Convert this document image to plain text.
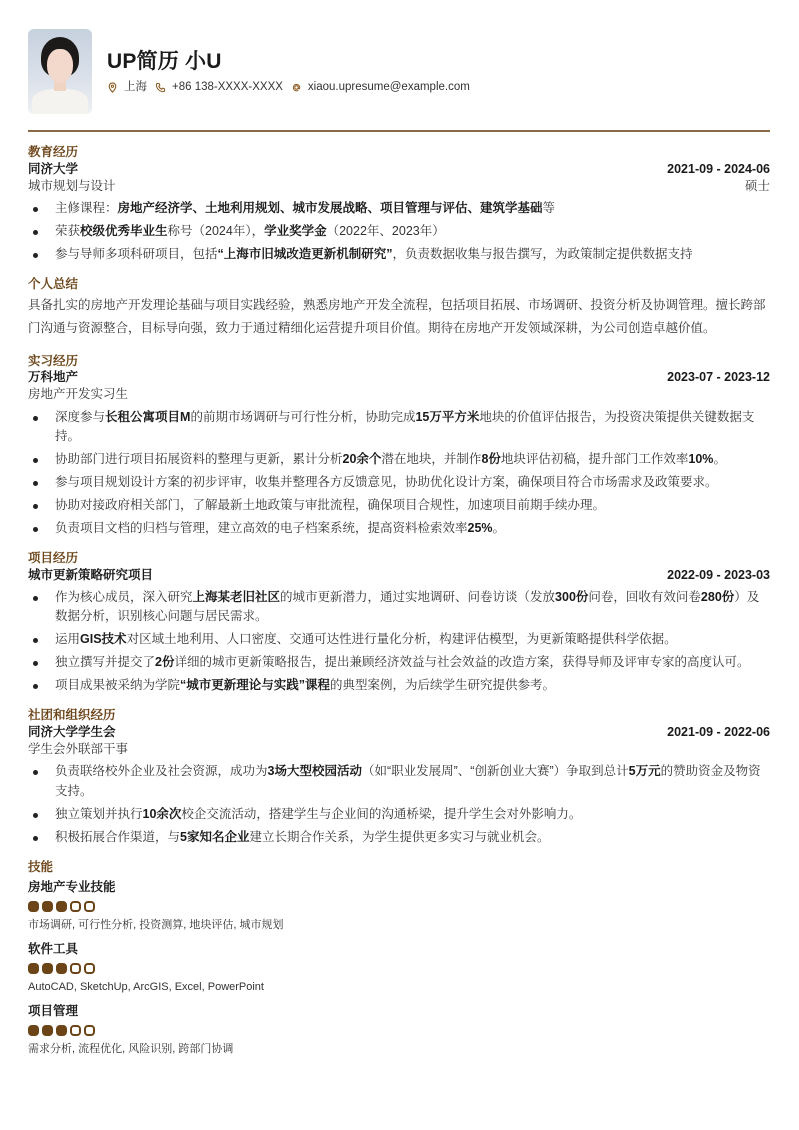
UP简历 小U
上海 +86 138-XXXX-XXXX xiaou.upresume@example.com
教育经历
同济大学	2021-09 - 2024-06
城市规划与设计	硕士
主修课程：房地产经济学、土地利用规划、城市发展战略、项目管理与评估、建筑学基础等
荣获校级优秀毕业生称号（2024年），学业奖学金（2022年、2023年）
参与导师多项科研项目，包括“上海市旧城改造更新机制研究”，负责数据收集与报告撰写，为政策制定提供数据支持
个人总结
具备扎实的房地产开发理论基础与项目实践经验，熟悉房地产开发全流程，包括项目拓展、市场调研、投资分析及协调管理。擅长跨部门沟通与资源整合，目标导向强，致力于通过精细化运营提升项目价值。期待在房地产开发领域深耕，为公司创造卓越价值。
实习经历
万科地产	2023-07 - 2023-12
房地产开发实习生
深度参与长租公寓项目M的前期市场调研与可行性分析，协助完成15万平方米地块的价值评估报告，为投资决策提供关键数据支持。
协助部门进行项目拓展资料的整理与更新，累计分析20余个潜在地块，并制作8份地块评估初稿，提升部门工作效率10%。
参与项目规划设计方案的初步评审，收集并整理各方反馈意见，协助优化设计方案，确保项目符合市场需求及政策要求。
协助对接政府相关部门，了解最新土地政策与审批流程，确保项目合规性，加速项目前期手续办理。
负责项目文档的归档与管理，建立高效的电子档案系统，提高资料检索效率25%。
项目经历
城市更新策略研究项目	2022-09 - 2023-03
作为核心成员，深入研究上海某老旧社区的城市更新潜力，通过实地调研、问卷访谈（发放300份问卷，回收有效问卷280份）及数据分析，识别核心问题与居民需求。
运用GIS技术对区域土地利用、人口密度、交通可达性进行量化分析，构建评估模型，为更新策略提供科学依据。
独立撰写并提交了2份详细的城市更新策略报告，提出兼顾经济效益与社会效益的改造方案，获得导师及评审专家的高度认可。
项目成果被采纳为学院“城市更新理论与实践”课程的典型案例，为后续学生研究提供参考。
社团和组织经历
同济大学学生会	2021-09 - 2022-06
学生会外联部干事
负责联络校外企业及社会资源，成功为3场大型校园活动（如“职业发展周”、“创新创业大赛”）争取到总计5万元的赞助资金及物资支持。
独立策划并执行10余次校企交流活动，搭建学生与企业间的沟通桥梁，提升学生会对外影响力。
积极拓展合作渠道，与5家知名企业建立长期合作关系，为学生提供更多实习与就业机会。
技能
房地产专业技能
市场调研, 可行性分析, 投资测算, 地块评估, 城市规划
软件工具
AutoCAD, SketchUp, ArcGIS, Excel, PowerPoint
项目管理
需求分析, 流程优化, 风险识别, 跨部门协调
